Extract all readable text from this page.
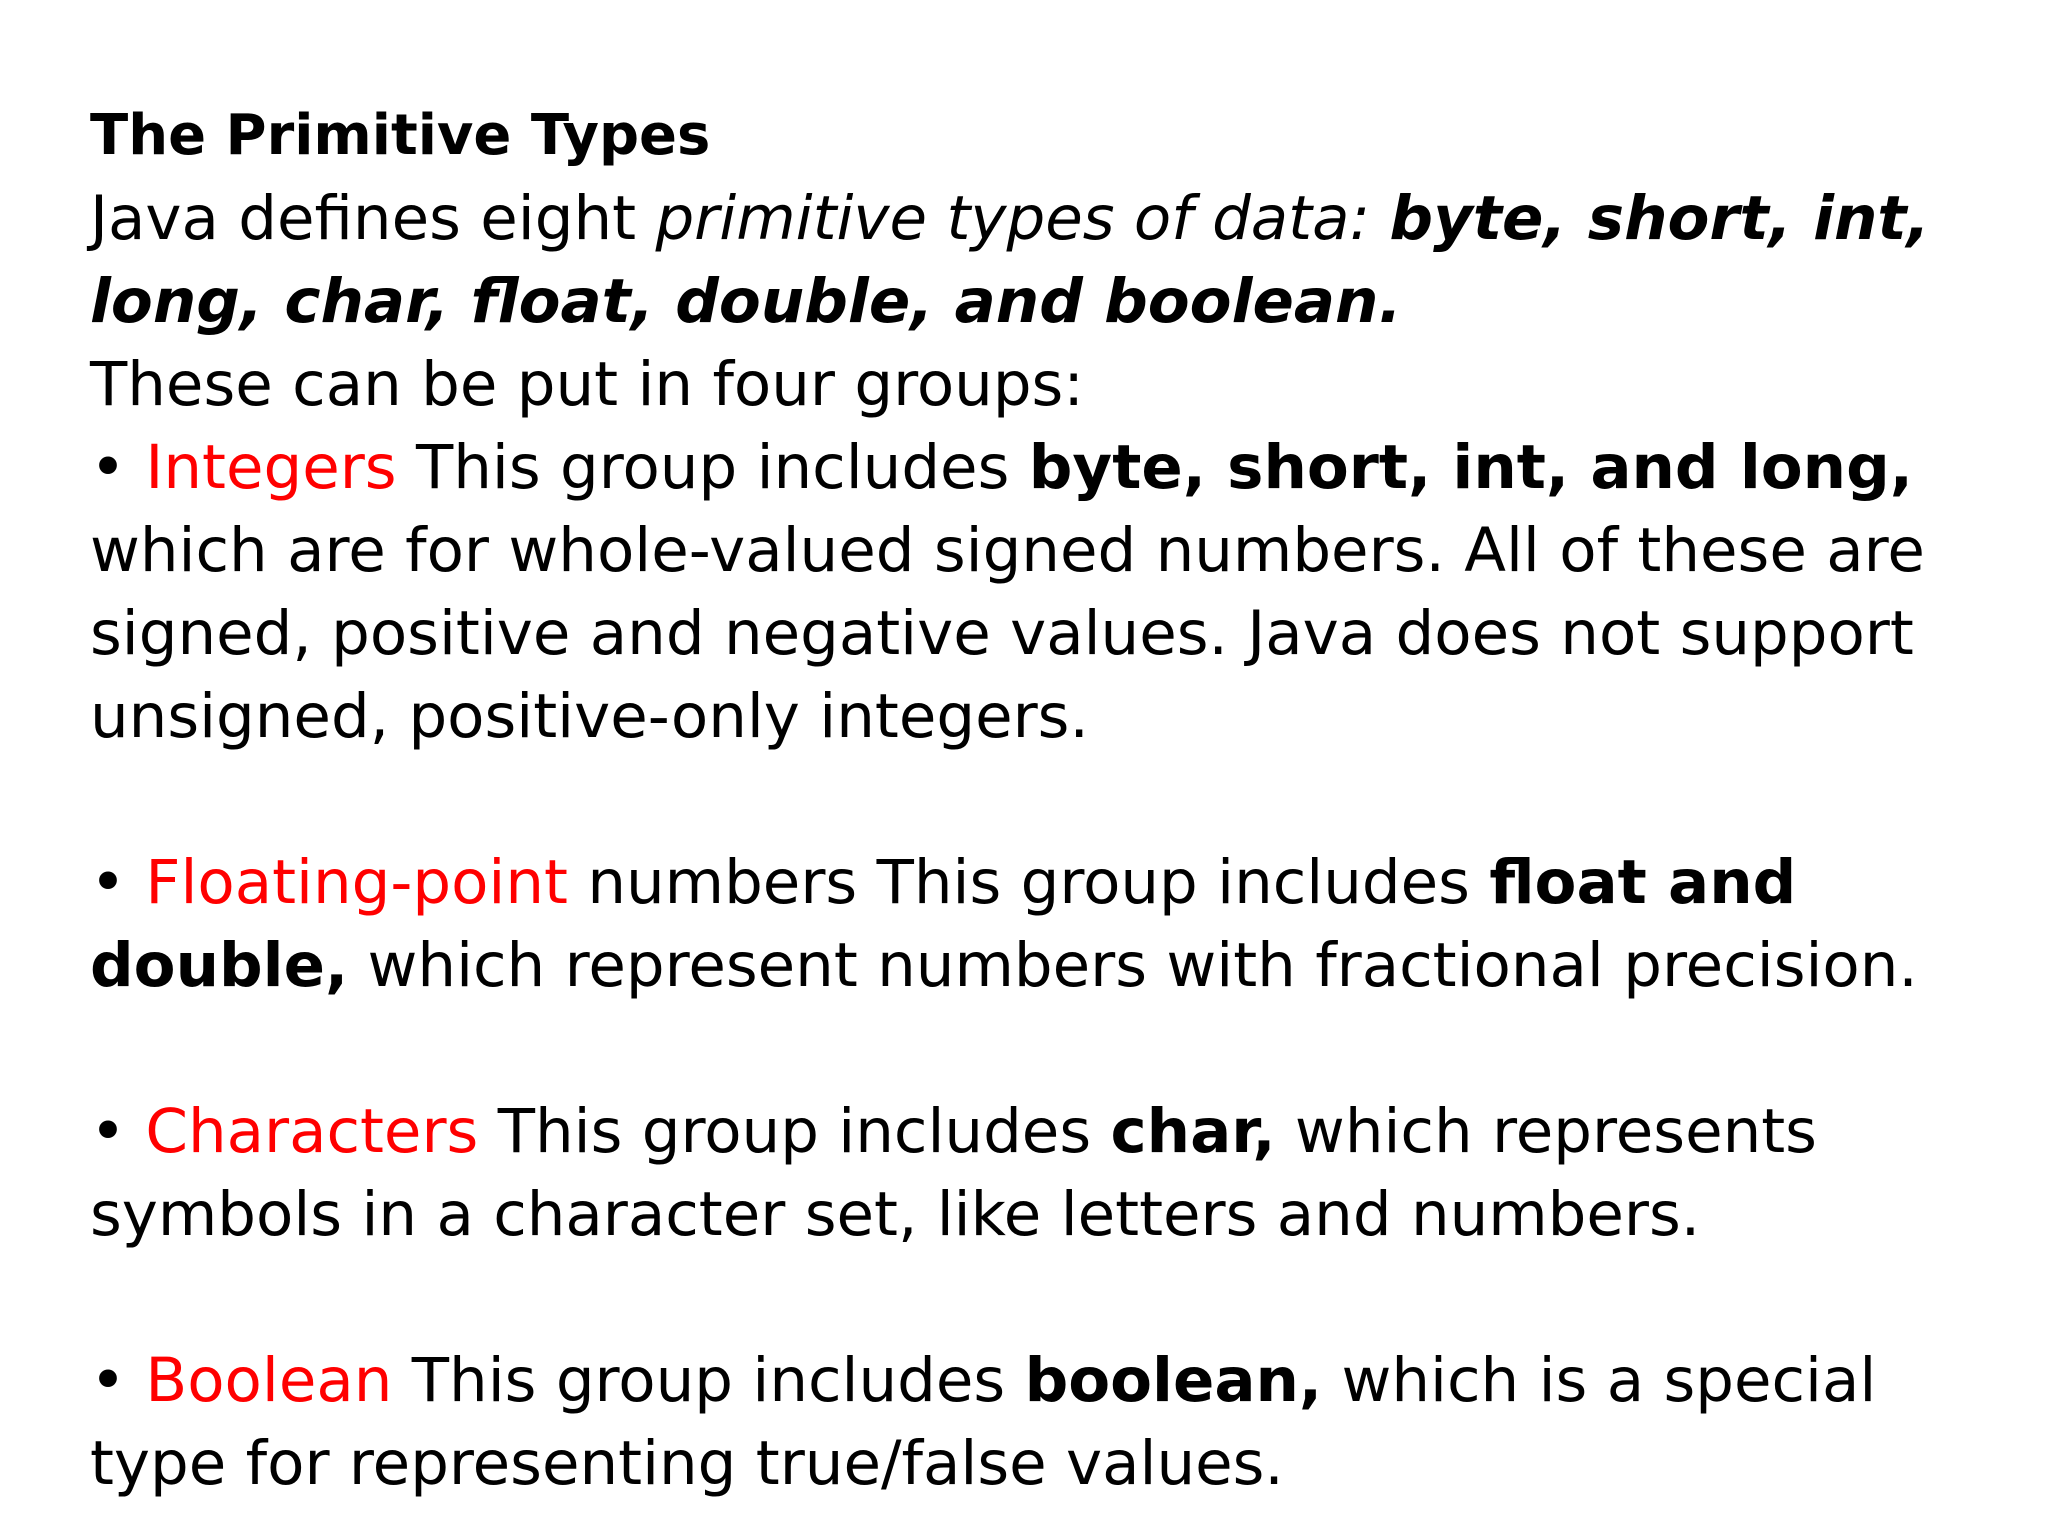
The Primitive Types

Java defines eight primitive types of data: byte, short, int, long, char, float, double, and boolean.

These can be put in four groups:

• Integers This group includes byte, short, int, and long, which are for whole-valued signed numbers. All of these are signed, positive and negative values. Java does not support unsigned, positive-only integers.

• Floating-point numbers This group includes float and double, which represent numbers with fractional precision.

• Characters This group includes char, which represents symbols in a character set, like letters and numbers.

• Boolean This group includes boolean, which is a special type for representing true/false values.
